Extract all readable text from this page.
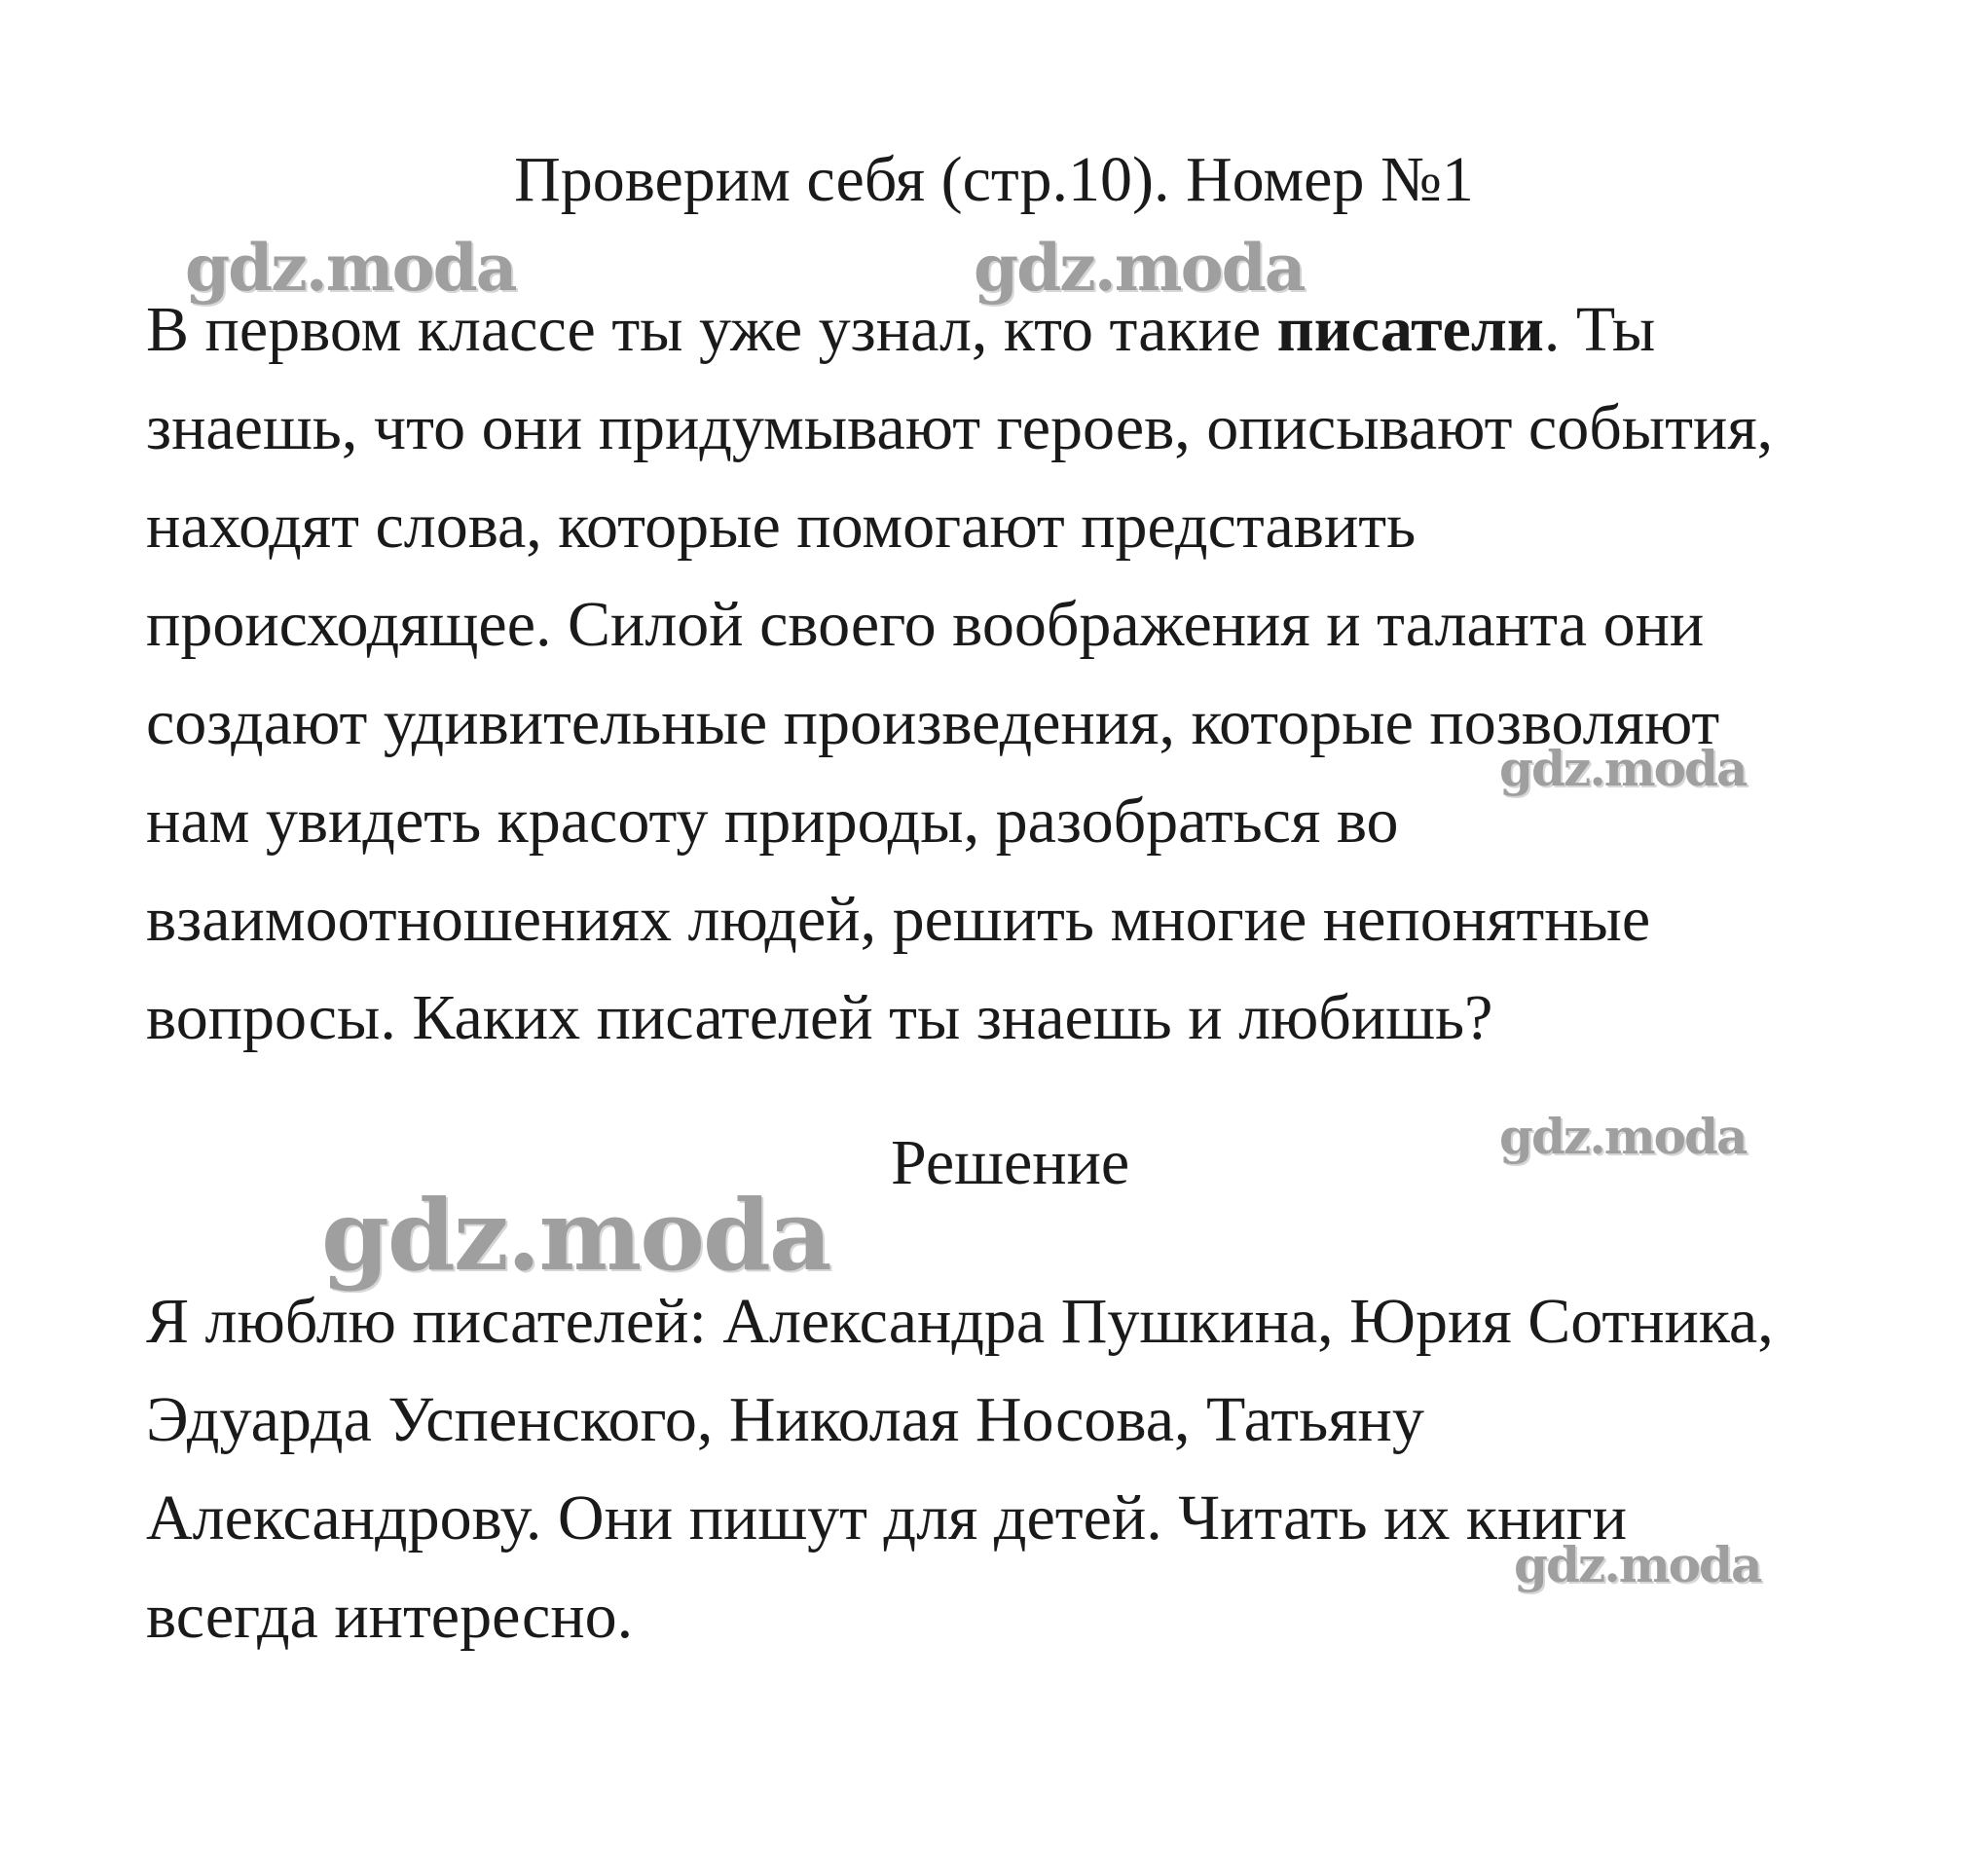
Проверим себя (стр.10). Номер №1
В первом классе ты уже узнал, кто такие писатели. Ты
знаешь, что они придумывают героев, описывают события,
находят слова, которые помогают представить
происходящее. Силой своего воображения и таланта они
создают удивительные произведения, которые позволяют
нам увидеть красоту природы, разобраться во
взаимоотношениях людей, решить многие непонятные
вопросы. Каких писателей ты знаешь и любишь?
Решение
Я люблю писателей: Александра Пушкина, Юрия Сотника,
Эдуарда Успенского, Николая Носова, Татьяну
Александрову. Они пишут для детей. Читать их книги
всегда интересно.
gdz.moda	gdz.moda
gdz.moda
gdz.moda
gdz.moda
gdz.moda
